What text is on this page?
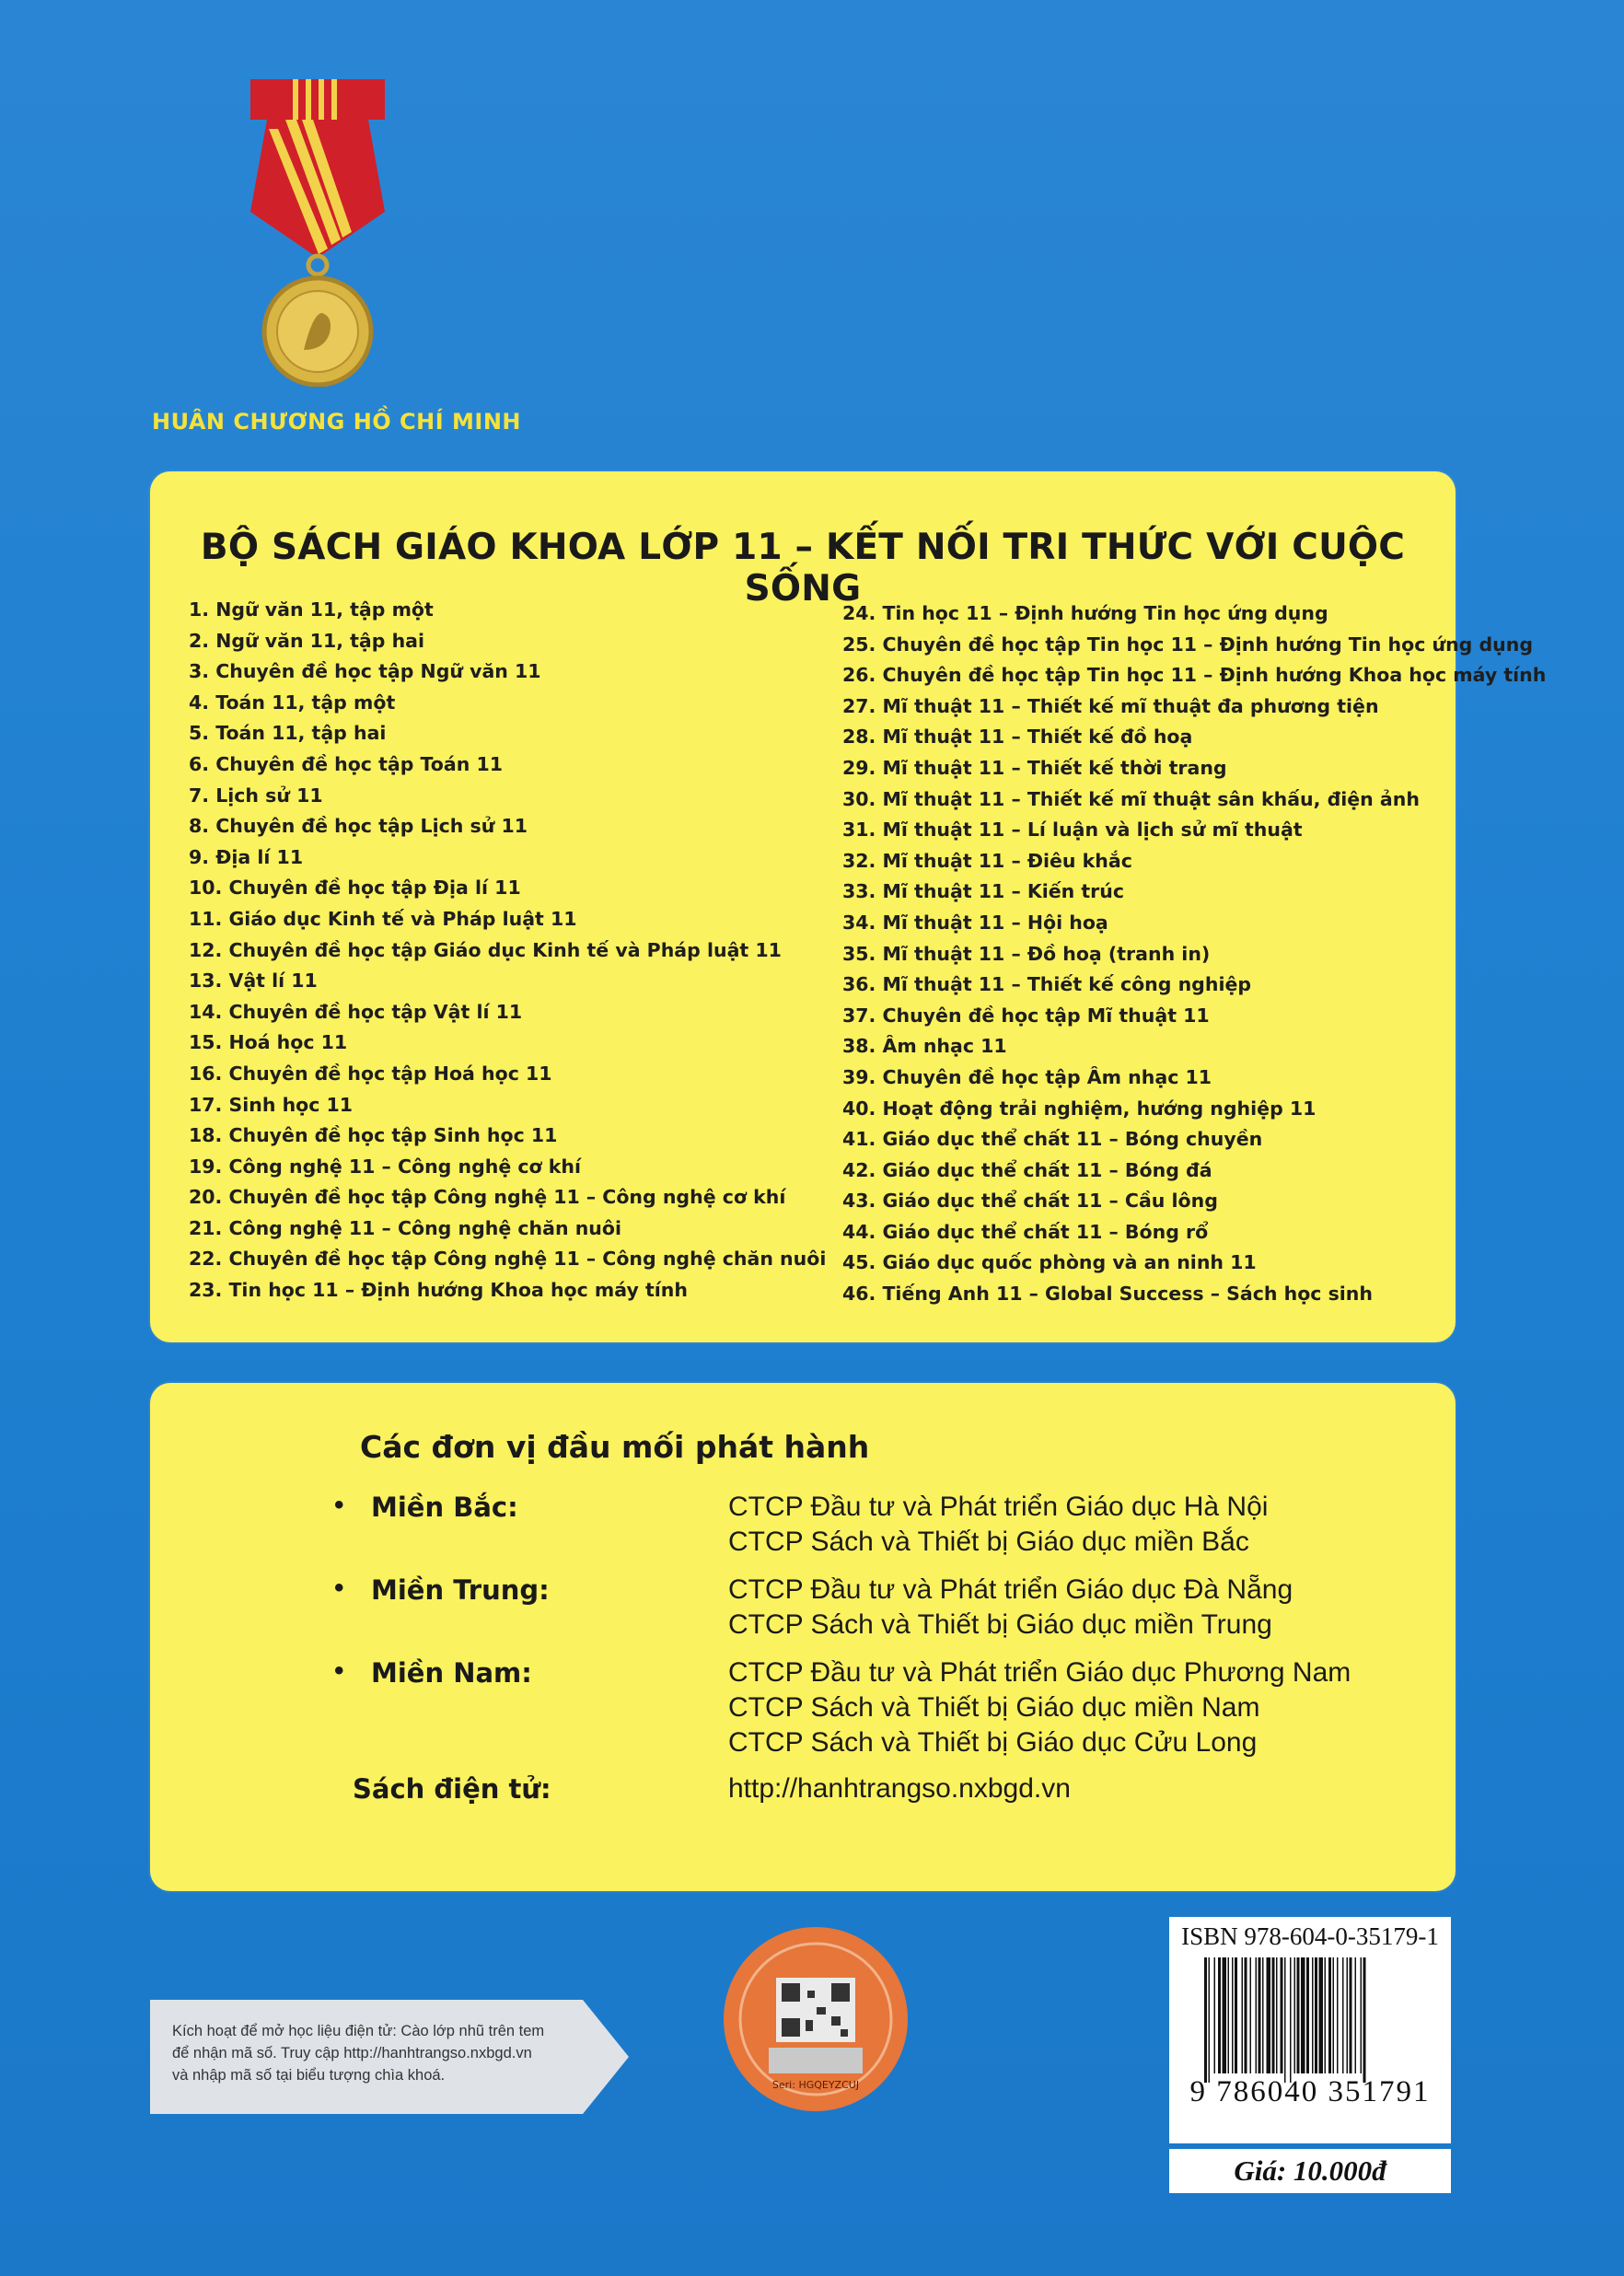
HUÂN CHƯƠNG HỒ CHÍ MINH
BỘ SÁCH GIÁO KHOA LỚP 11 – KẾT NỐI TRI THỨC VỚI CUỘC SỐNG
1. Ngữ văn 11, tập một
2. Ngữ văn 11, tập hai
3. Chuyên đề học tập Ngữ văn 11
4. Toán 11, tập một
5. Toán 11, tập hai
6. Chuyên đề học tập Toán 11
7. Lịch sử 11
8. Chuyên đề học tập Lịch sử 11
9. Địa lí 11
10. Chuyên đề học tập Địa lí 11
11. Giáo dục Kinh tế và Pháp luật 11
12. Chuyên đề học tập Giáo dục Kinh tế và Pháp luật 11
13. Vật lí 11
14. Chuyên đề học tập Vật lí 11
15. Hoá học 11
16. Chuyên đề học tập Hoá học 11
17. Sinh học 11
18. Chuyên đề học tập Sinh học 11
19. Công nghệ 11 – Công nghệ cơ khí
20. Chuyên đề học tập Công nghệ 11 – Công nghệ cơ khí
21. Công nghệ 11 – Công nghệ chăn nuôi
22. Chuyên đề học tập Công nghệ 11 – Công nghệ chăn nuôi
23. Tin học 11 – Định hướng Khoa học máy tính
24. Tin học 11 – Định hướng Tin học ứng dụng
25. Chuyên đề học tập Tin học 11 – Định hướng Tin học ứng dụng
26. Chuyên đề học tập Tin học 11 – Định hướng Khoa học máy tính
27. Mĩ thuật 11 – Thiết kế mĩ thuật đa phương tiện
28. Mĩ thuật 11 – Thiết kế đồ hoạ
29. Mĩ thuật 11 – Thiết kế thời trang
30. Mĩ thuật 11 – Thiết kế mĩ thuật sân khấu, điện ảnh
31. Mĩ thuật 11 – Lí luận và lịch sử mĩ thuật
32. Mĩ thuật 11 – Điêu khắc
33. Mĩ thuật 11 – Kiến trúc
34. Mĩ thuật 11 – Hội hoạ
35. Mĩ thuật 11 – Đồ hoạ (tranh in)
36. Mĩ thuật 11 – Thiết kế công nghiệp
37. Chuyên đề học tập Mĩ thuật 11
38. Âm nhạc 11
39. Chuyên đề học tập Âm nhạc 11
40. Hoạt động trải nghiệm, hướng nghiệp 11
41. Giáo dục thể chất 11 – Bóng chuyền
42. Giáo dục thể chất 11 – Bóng đá
43. Giáo dục thể chất 11 – Cầu lông
44. Giáo dục thể chất 11 – Bóng rổ
45. Giáo dục quốc phòng và an ninh 11
46. Tiếng Anh 11 – Global Success – Sách học sinh
Các đơn vị đầu mối phát hành
• Miền Bắc:	CTCP Đầu tư và Phát triển Giáo dục Hà Nội
CTCP Sách và Thiết bị Giáo dục miền Bắc
• Miền Trung:	CTCP Đầu tư và Phát triển Giáo dục Đà Nẵng
CTCP Sách và Thiết bị Giáo dục miền Trung
• Miền Nam:	CTCP Đầu tư và Phát triển Giáo dục Phương Nam
CTCP Sách và Thiết bị Giáo dục miền Nam
CTCP Sách và Thiết bị Giáo dục Cửu Long
Sách điện tử:	http://hanhtrangso.nxbgd.vn
Kích hoạt để mở học liệu điện tử: Cào lớp nhũ trên tem
để nhận mã số. Truy cập http://hanhtrangso.nxbgd.vn
và nhập mã số tại biểu tượng chìa khoá.
Seri: HGQEYZCUJ
ISBN 978-604-0-35179-1
9 786040 351791
Giá: 10.000đ
